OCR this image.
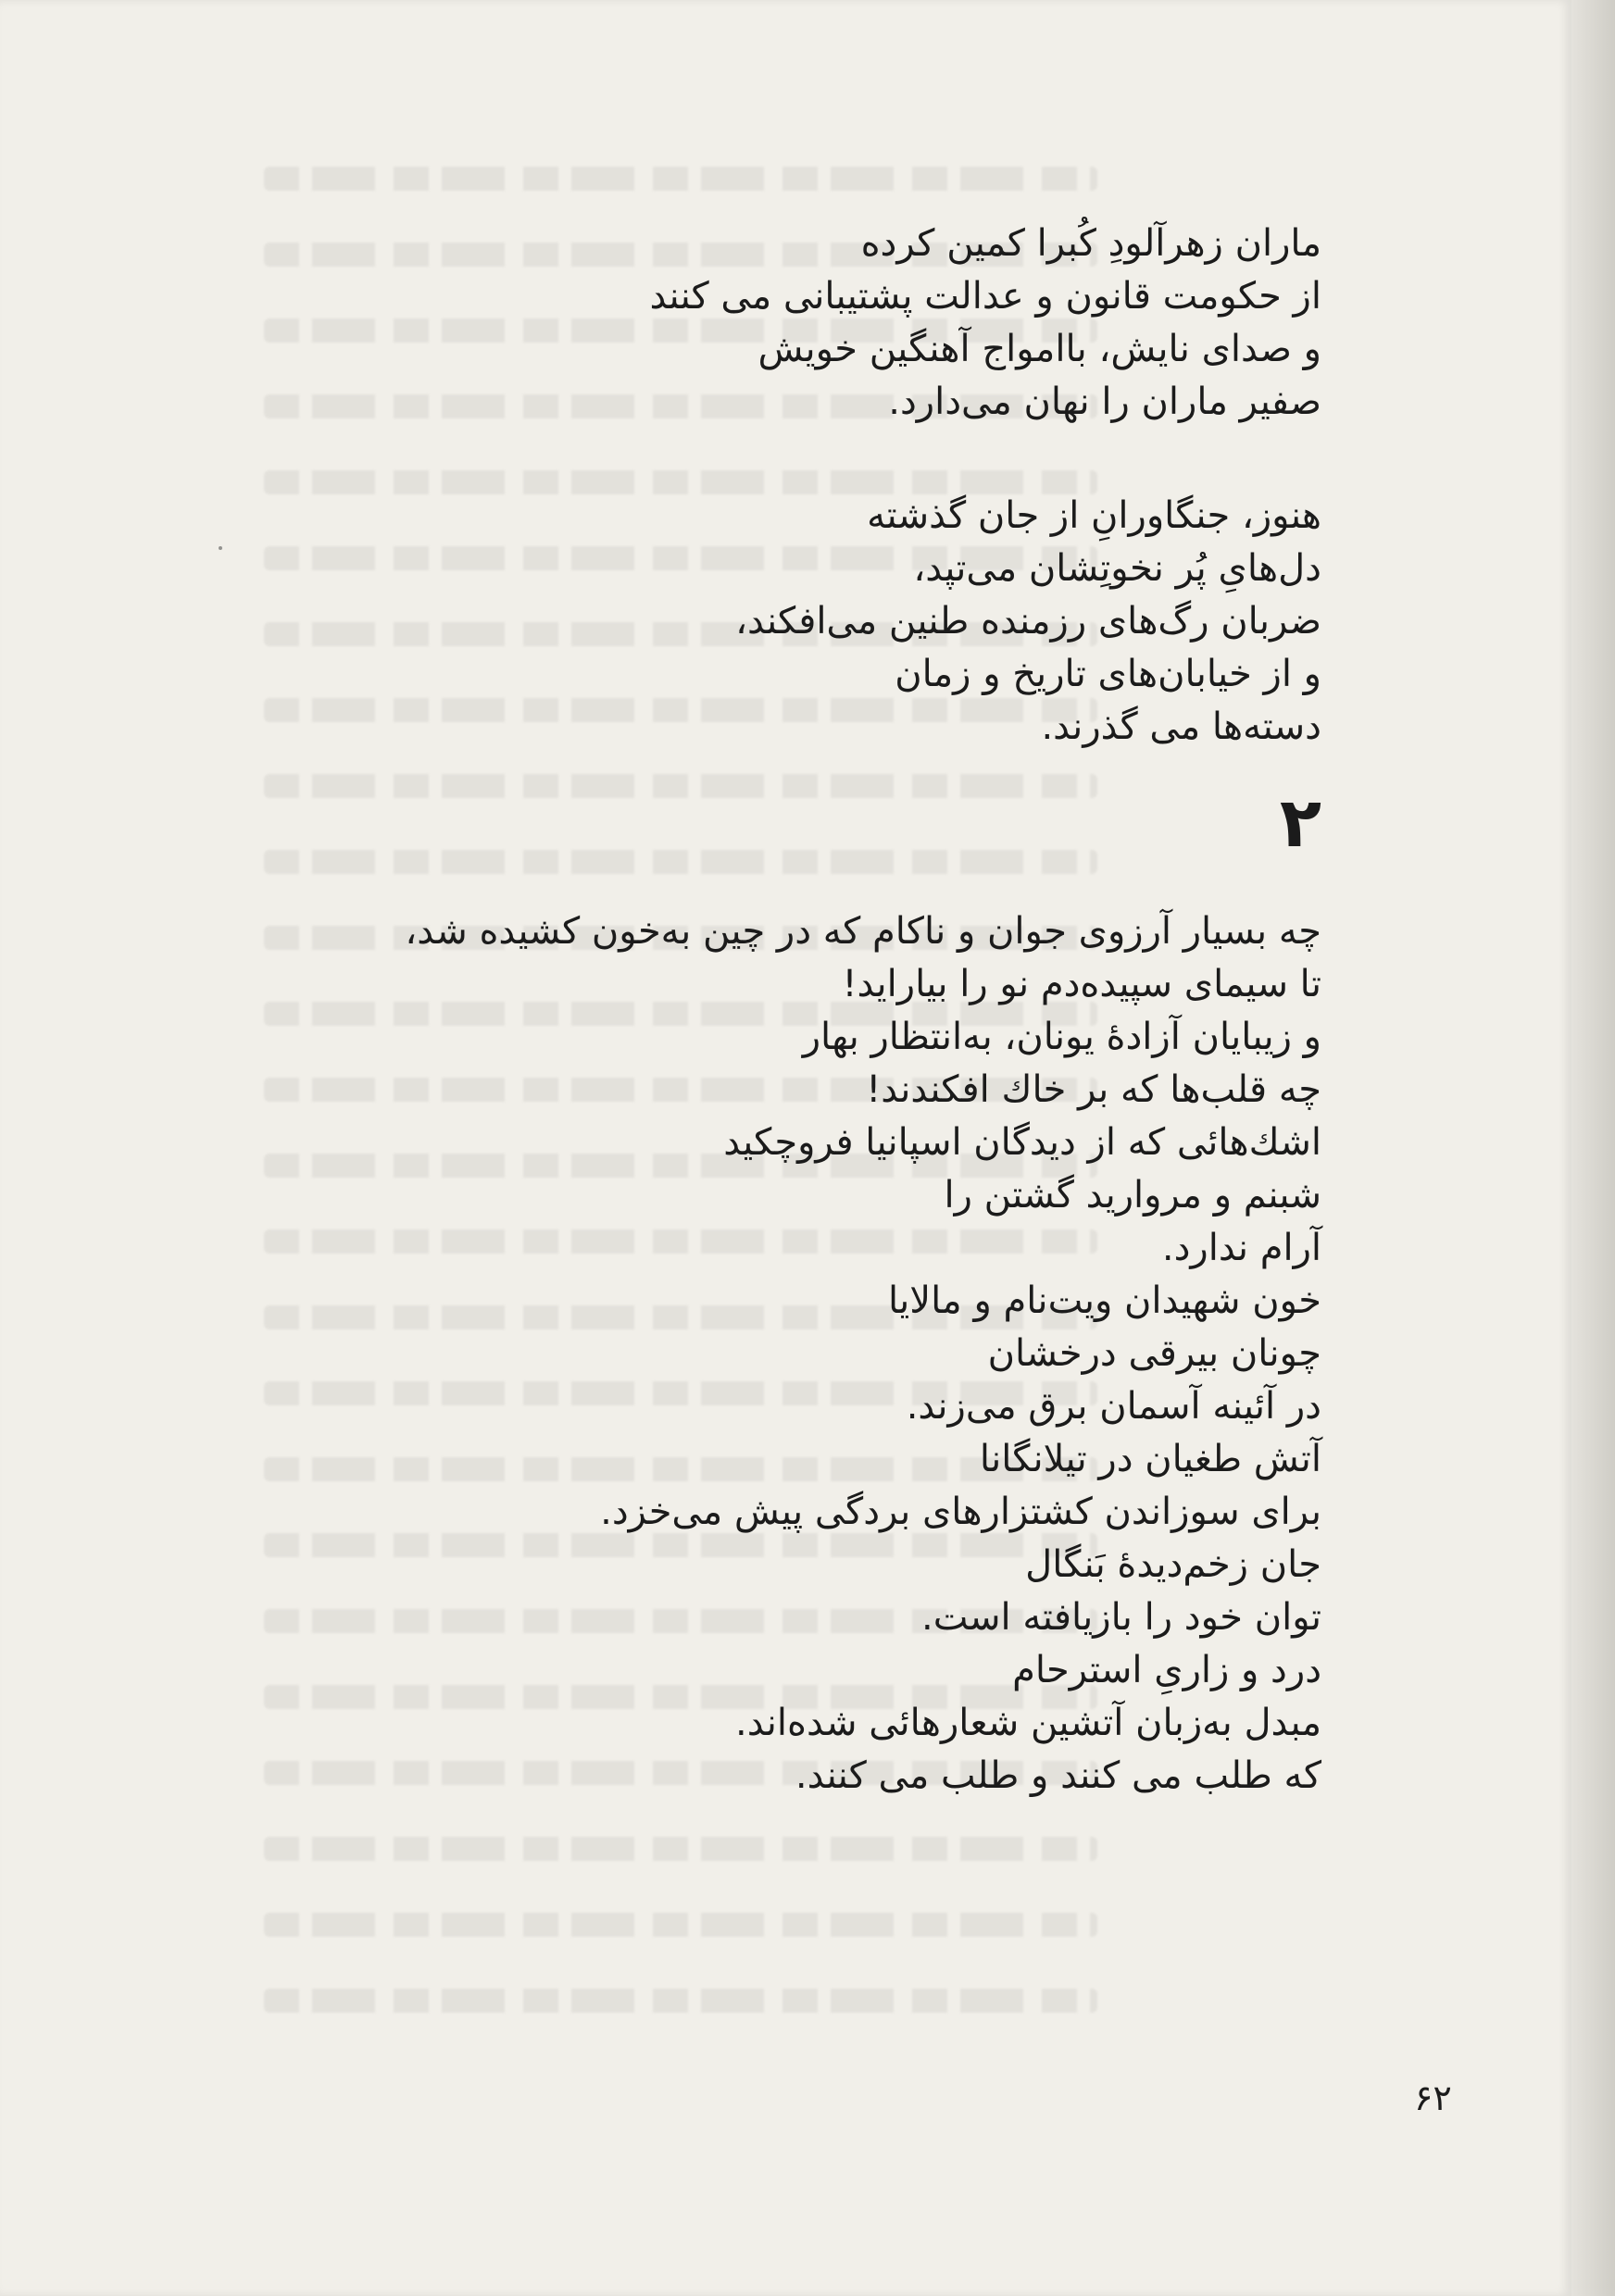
ماران زهرآلودِ کُبرا کمین کرده
از حکومت قانون و عدالت پشتیبانی می کنند
و صدای نایش، باامواج آهنگین خویش
صفیر ماران را نهان می‌دارد.
هنوز، جنگاورانِ از جان گذشته
دل‌هایِ پُر نخوتِشان می‌تپد،
ضربان رگ‌های رزمنده طنین می‌افکند،
و از خیابان‌های تاریخ و زمان
دسته‌ها می گذرند.
۲
چه بسیار آرزوی جوان و ناکام که در چین به‌خون کشیده شد،
تا سیمای سپیده‌دم نو را بیاراید!
و زیبایان آزادهٔ یونان، به‌انتظار بهار
چه قلب‌ها که بر خاك افکندند!
اشك‌هائی که از دیدگان اسپانیا فروچکید
شبنم و مروارید گشتن را
آرام ندارد.
خون شهیدان ویت‌نام و مالایا
چونان بیرقی درخشان
در آئینه آسمان برق می‌زند.
آتش طغیان در تیلانگانا
برای سوزاندن کشتزارهای بردگی پیش می‌خزد.
جان زخم‌دیدهٔ بَنگال
توان خود را بازیافته است.
درد و زاریِ استرحام
مبدل به‌زبان آتشین شعارهائی شده‌اند.
که طلب می کنند و طلب می کنند.
۶۲
